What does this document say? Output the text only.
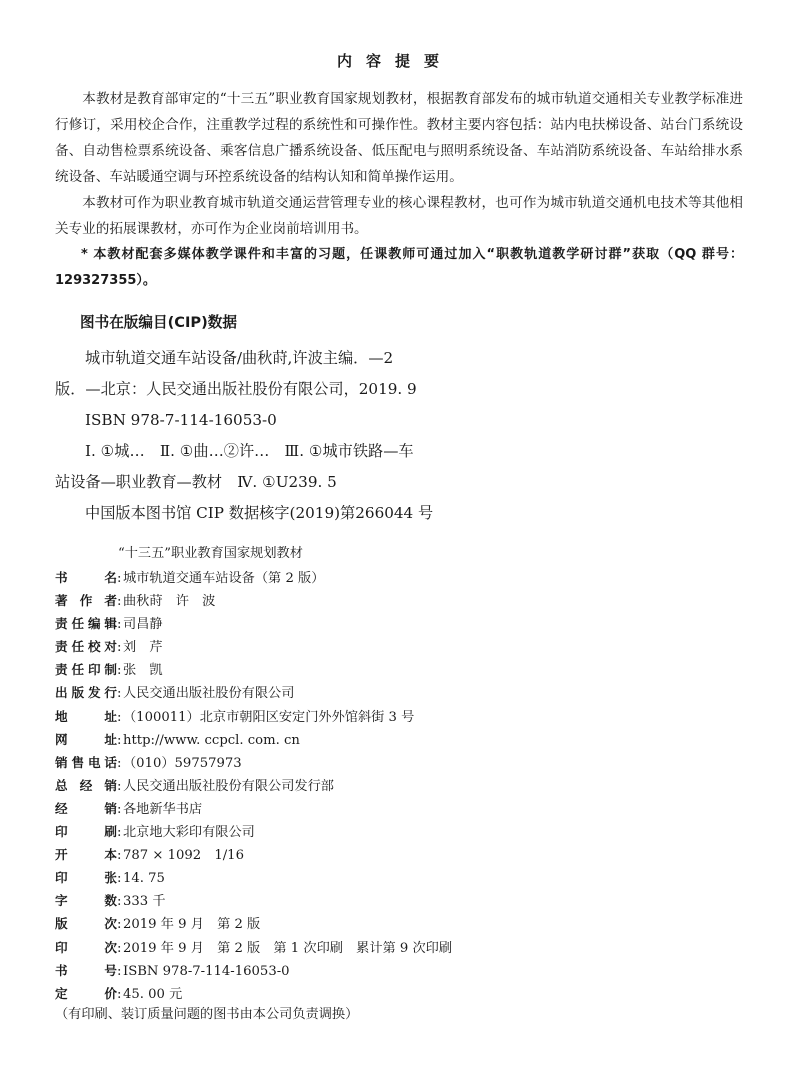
内容提要

本教材是教育部审定的“十三五”职业教育国家规划教材，根据教育部发布的城市轨道交通相关专业教学标准进行修订，采用校企合作，注重教学过程的系统性和可操作性。教材主要内容包括：站内电扶梯设备、站台门系统设备、自动售检票系统设备、乘客信息广播系统设备、低压配电与照明系统设备、车站消防系统设备、车站给排水系统设备、车站暖通空调与环控系统设备的结构认知和简单操作运用。

本教材可作为职业教育城市轨道交通运营管理专业的核心课程教材，也可作为城市轨道交通机电技术等其他相关专业的拓展课教材，亦可作为企业岗前培训用书。

* 本教材配套多媒体教学课件和丰富的习题，任课教师可通过加入“职教轨道教学研讨群”获取（QQ 群号：129327355）。

图书在版编目(CIP)数据
城市轨道交通车站设备/曲秋莳,许波主编．—2
版．—北京：人民交通出版社股份有限公司，2019. 9
ISBN 978-7-114-16053-0
Ⅰ. ①城…　Ⅱ. ①曲…②许…　Ⅲ. ①城市铁路—车
站设备—职业教育—教材　Ⅳ. ①U239. 5
中国版本图书馆 CIP 数据核字(2019)第266044 号
“十三五”职业教育国家规划教材
书名: 城市轨道交通车站设备（第 2 版）
著作者: 曲秋莳　许　波
责任编辑: 司昌静
责任校对: 刘　芹
责任印制: 张　凯
出版发行: 人民交通出版社股份有限公司
地址: （100011）北京市朝阳区安定门外外馆斜街 3 号
网址: http://www. ccpcl. com. cn
销售电话: （010）59757973
总经销: 人民交通出版社股份有限公司发行部
经销: 各地新华书店
印刷: 北京地大彩印有限公司
开本: 787 × 1092　1/16
印张: 14. 75
字数: 333 千
版次: 2019 年 9 月　第 2 版
印次: 2019 年 9 月　第 2 版　第 1 次印刷　累计第 9 次印刷
书号: ISBN 978-7-114-16053-0
定价: 45. 00 元
（有印刷、装订质量问题的图书由本公司负责调换）
